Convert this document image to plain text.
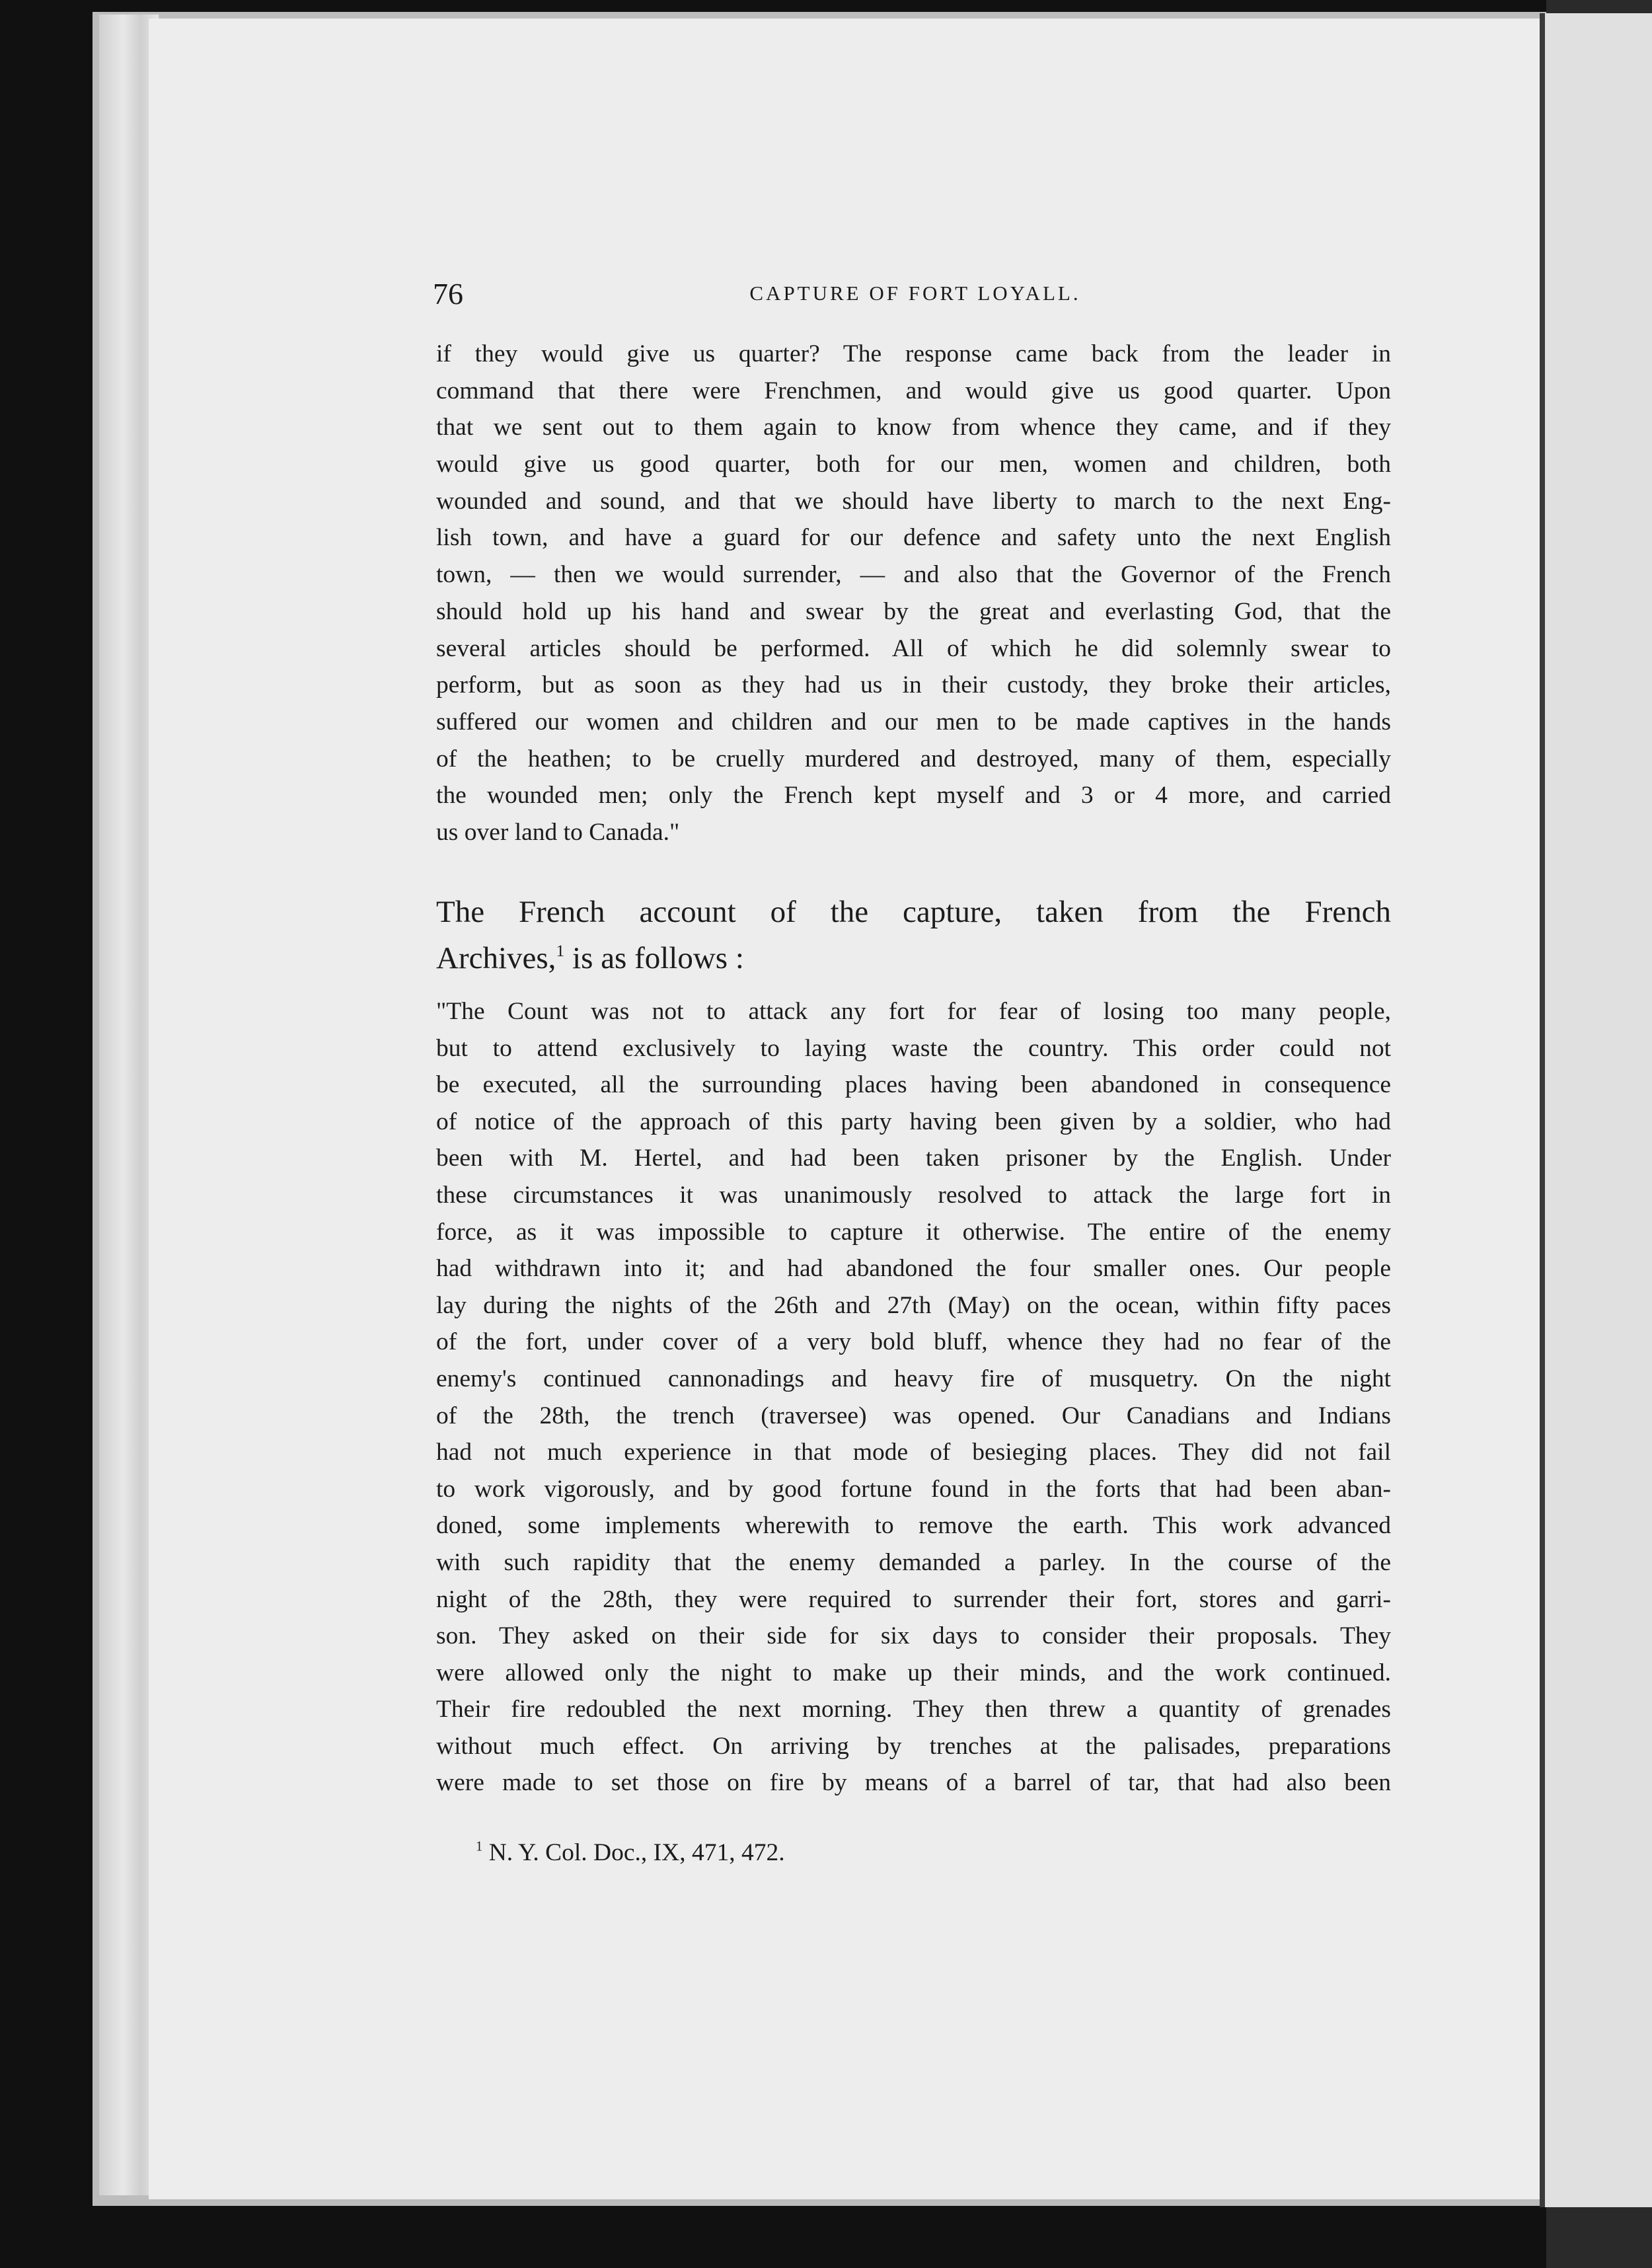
76	CAPTURE OF FORT LOYALL.
if they would give us quarter? The response came back from the leader in
command that there were Frenchmen, and would give us good quarter. Upon
that we sent out to them again to know from whence they came, and if they
would give us good quarter, both for our men, women and children, both
wounded and sound, and that we should have liberty to march to the next Eng-
lish town, and have a guard for our defence and safety unto the next English
town, — then we would surrender, — and also that the Governor of the French
should hold up his hand and swear by the great and everlasting God, that the
several articles should be performed. All of which he did solemnly swear to
perform, but as soon as they had us in their custody, they broke their articles,
suffered our women and children and our men to be made captives in the hands
of the heathen; to be cruelly murdered and destroyed, many of them, especially
the wounded men; only the French kept myself and 3 or 4 more, and carried
us over land to Canada."
The French account of the capture, taken from the French
Archives,$^1$ is as follows :
"The Count was not to attack any fort for fear of losing too many people,
but to attend exclusively to laying waste the country. This order could not
be executed, all the surrounding places having been abandoned in consequence
of notice of the approach of this party having been given by a soldier, who had
been with M. Hertel, and had been taken prisoner by the English. Under
these circumstances it was unanimously resolved to attack the large fort in
force, as it was impossible to capture it otherwise. The entire of the enemy
had withdrawn into it; and had abandoned the four smaller ones. Our people
lay during the nights of the 26th and 27th (May) on the ocean, within fifty paces
of the fort, under cover of a very bold bluff, whence they had no fear of the
enemy's continued cannonadings and heavy fire of musquetry. On the night
of the 28th, the trench (traversee) was opened. Our Canadians and Indians
had not much experience in that mode of besieging places. They did not fail
to work vigorously, and by good fortune found in the forts that had been aban-
doned, some implements wherewith to remove the earth. This work advanced
with such rapidity that the enemy demanded a parley. In the course of the
night of the 28th, they were required to surrender their fort, stores and garri-
son. They asked on their side for six days to consider their proposals. They
were allowed only the night to make up their minds, and the work continued.
Their fire redoubled the next morning. They then threw a quantity of grenades
without much effect. On arriving by trenches at the palisades, preparations
were made to set those on fire by means of a barrel of tar, that had also been
$^1$ N. Y. Col. Doc., IX, 471, 472.
